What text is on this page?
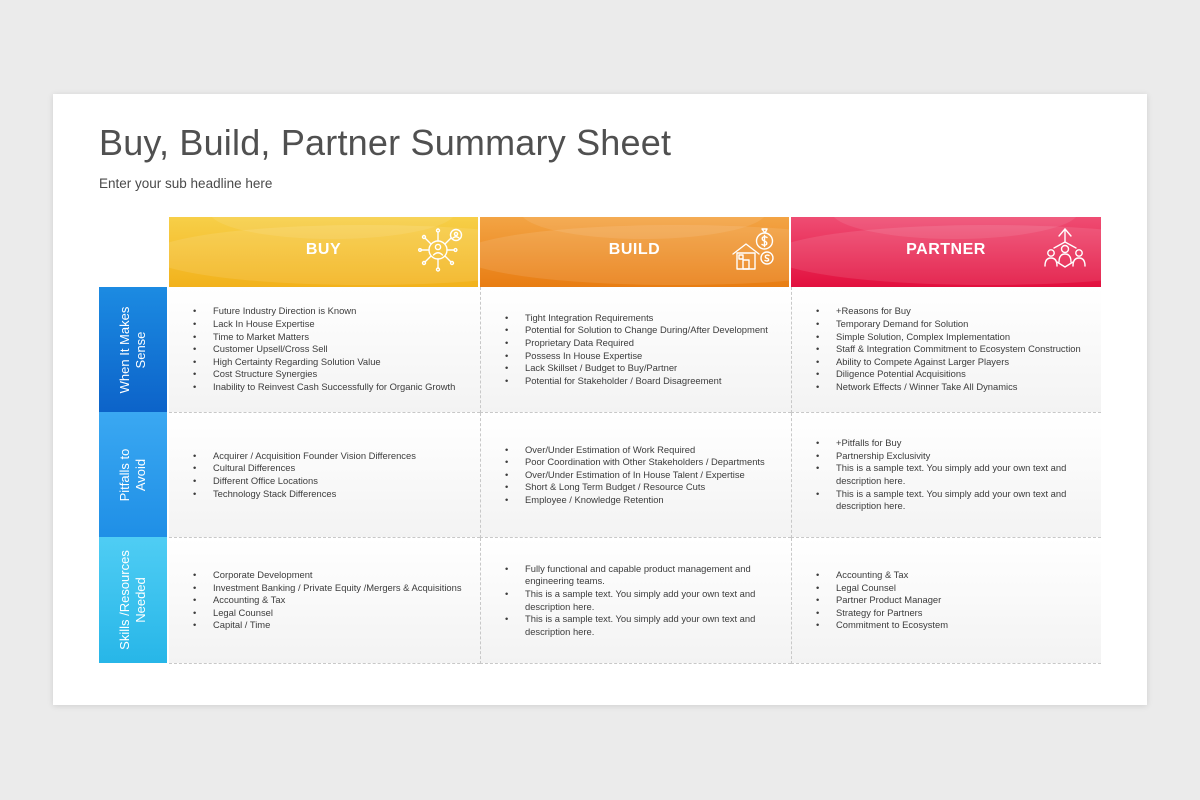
Buy, Build, Partner Summary Sheet
Enter your sub headline here
BUY	BUILD	PARTNER
When It Makes
Sense
Pitfalls to
Avoid
Skills /Resources
Needed
• Future Industry Direction is Known
• Lack In House Expertise
• Time to Market Matters
• Customer Upsell/Cross Sell
• High Certainty Regarding Solution Value
• Cost Structure Synergies
• Inability to Reinvest Cash Successfully for Organic Growth
• Tight Integration Requirements
• Potential for Solution to Change During/After Development
• Proprietary Data Required
• Possess In House Expertise
• Lack Skillset / Budget to Buy/Partner
• Potential for Stakeholder / Board Disagreement
• +Reasons for Buy
• Temporary Demand for Solution
• Simple Solution, Complex Implementation
• Staff & Integration Commitment to Ecosystem Construction
• Ability to Compete Against Larger Players
• Diligence Potential Acquisitions
• Network Effects / Winner Take All Dynamics
• Acquirer / Acquisition Founder Vision Differences
• Cultural Differences
• Different Office Locations
• Technology Stack Differences
• Over/Under Estimation of Work Required
• Poor Coordination with Other Stakeholders / Departments
• Over/Under Estimation of In House Talent / Expertise
• Short & Long Term Budget / Resource Cuts
• Employee / Knowledge Retention
• +Pitfalls for Buy
• Partnership Exclusivity
• This is a sample text. You simply add your own text and description here.
• This is a sample text. You simply add your own text and description here.
• Corporate Development
• Investment Banking / Private Equity /Mergers & Acquisitions
• Accounting & Tax
• Legal Counsel
• Capital / Time
• Fully functional and capable product management and engineering teams.
• This is a sample text. You simply add your own text and description here.
• This is a sample text. You simply add your own text and description here.
• Accounting & Tax
• Legal Counsel
• Partner Product Manager
• Strategy for Partners
• Commitment to Ecosystem
